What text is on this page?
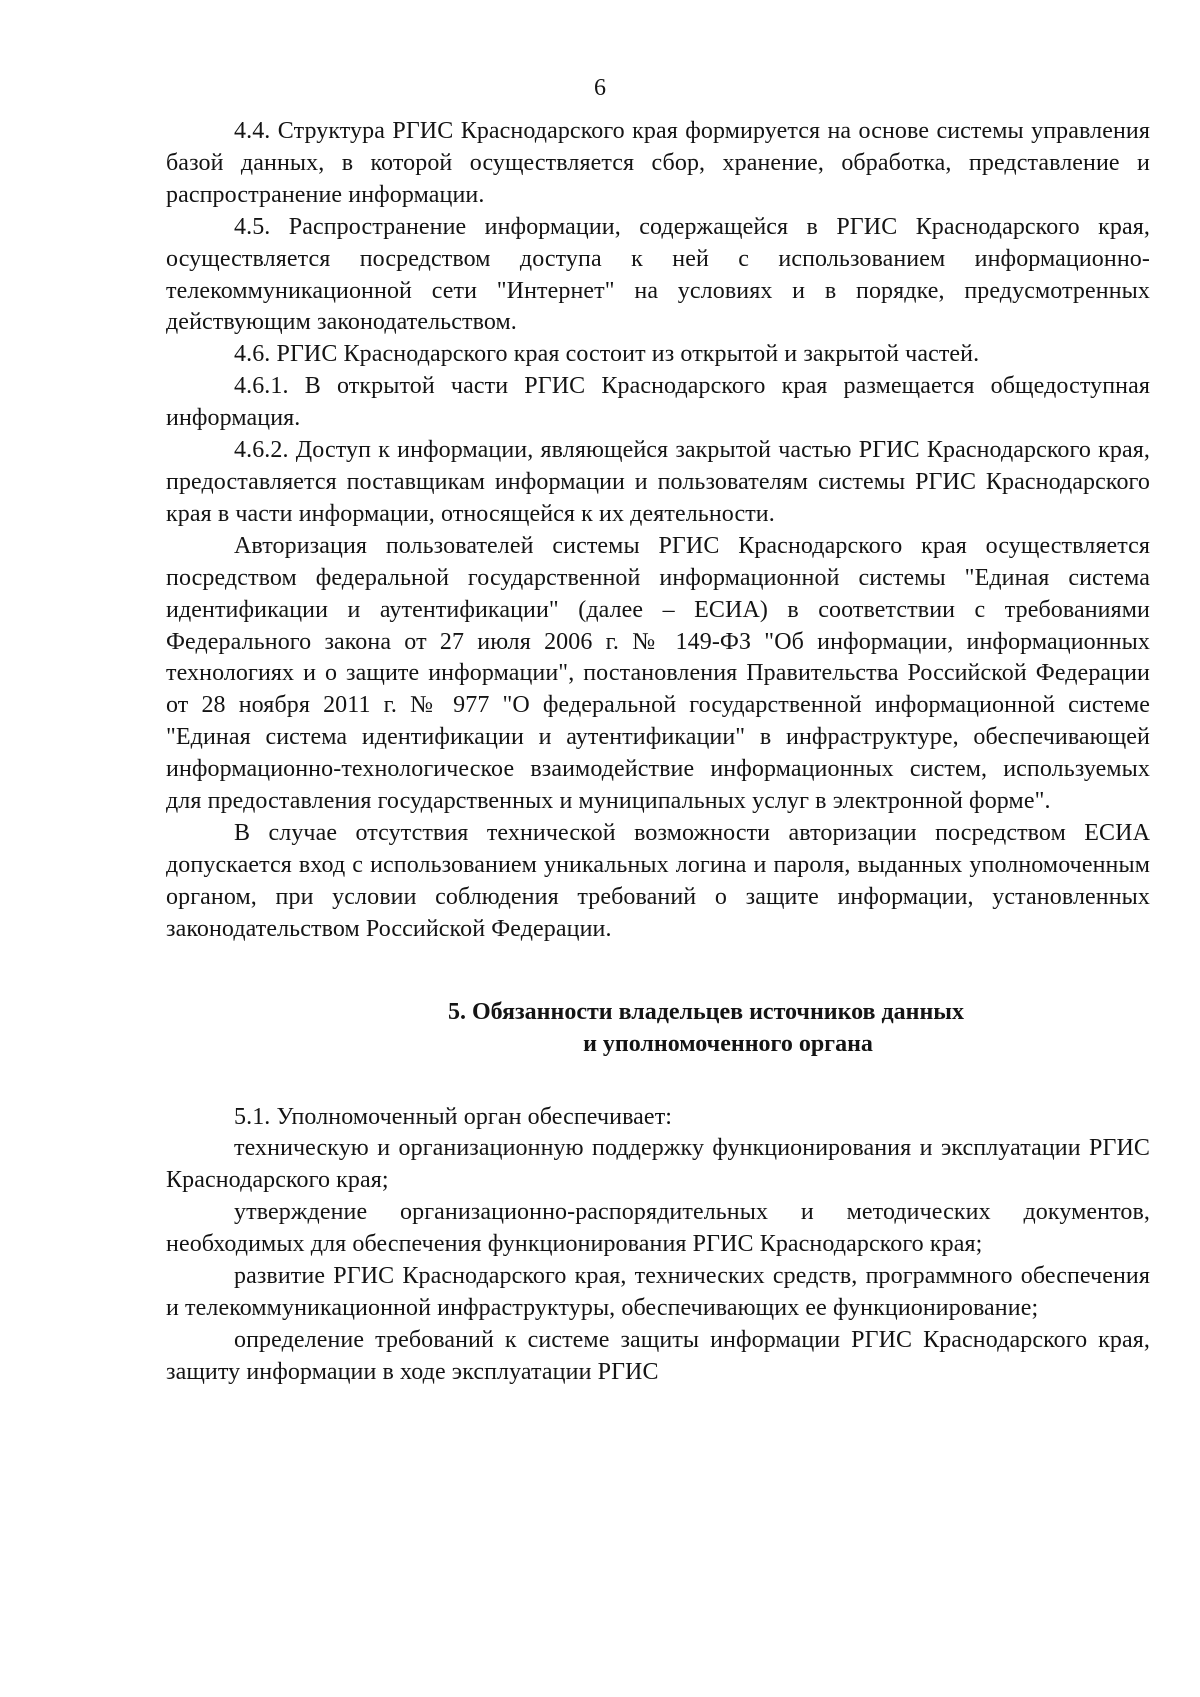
6

4.4. Структура РГИС Краснодарского края формируется на основе системы управления базой данных, в которой осуществляется сбор, хранение, обработка, представление и распространение информации.

4.5. Распространение информации, содержащейся в РГИС Краснодарского края, осуществляется посредством доступа к ней с использованием информационно-телекоммуникационной сети "Интернет" на условиях и в порядке, предусмотренных действующим законодательством.

4.6. РГИС Краснодарского края состоит из открытой и закрытой частей.

4.6.1. В открытой части РГИС Краснодарского края размещается общедоступная информация.

4.6.2. Доступ к информации, являющейся закрытой частью РГИС Краснодарского края, предоставляется поставщикам информации и пользователям системы РГИС Краснодарского края в части информации, относящейся к их деятельности.

Авторизация пользователей системы РГИС Краснодарского края осуществляется посредством федеральной государственной информационной системы "Единая система идентификации и аутентификации" (далее – ЕСИА) в соответствии с требованиями Федерального закона от 27 июля 2006 г. № 149-ФЗ "Об информации, информационных технологиях и о защите информации", постановления Правительства Российской Федерации от 28 ноября 2011 г. № 977 "О федеральной государственной информационной системе "Единая система идентификации и аутентификации" в инфраструктуре, обеспечивающей информационно-технологическое взаимодействие информационных систем, используемых для предоставления государственных и муниципальных услуг в электронной форме".

В случае отсутствия технической возможности авторизации посредством ЕСИА допускается вход с использованием уникальных логина и пароля, выданных уполномоченным органом, при условии соблюдения требований о защите информации, установленных законодательством Российской Федерации.

5. Обязанности владельцев источников данных
и уполномоченного органа

5.1. Уполномоченный орган обеспечивает:

техническую и организационную поддержку функционирования и эксплуатации РГИС Краснодарского края;

утверждение организационно-распорядительных и методических документов, необходимых для обеспечения функционирования РГИС Краснодарского края;

развитие РГИС Краснодарского края, технических средств, программного обеспечения и телекоммуникационной инфраструктуры, обеспечивающих ее функционирование;

определение требований к системе защиты информации РГИС Краснодарского края, защиту информации в ходе эксплуатации РГИС
